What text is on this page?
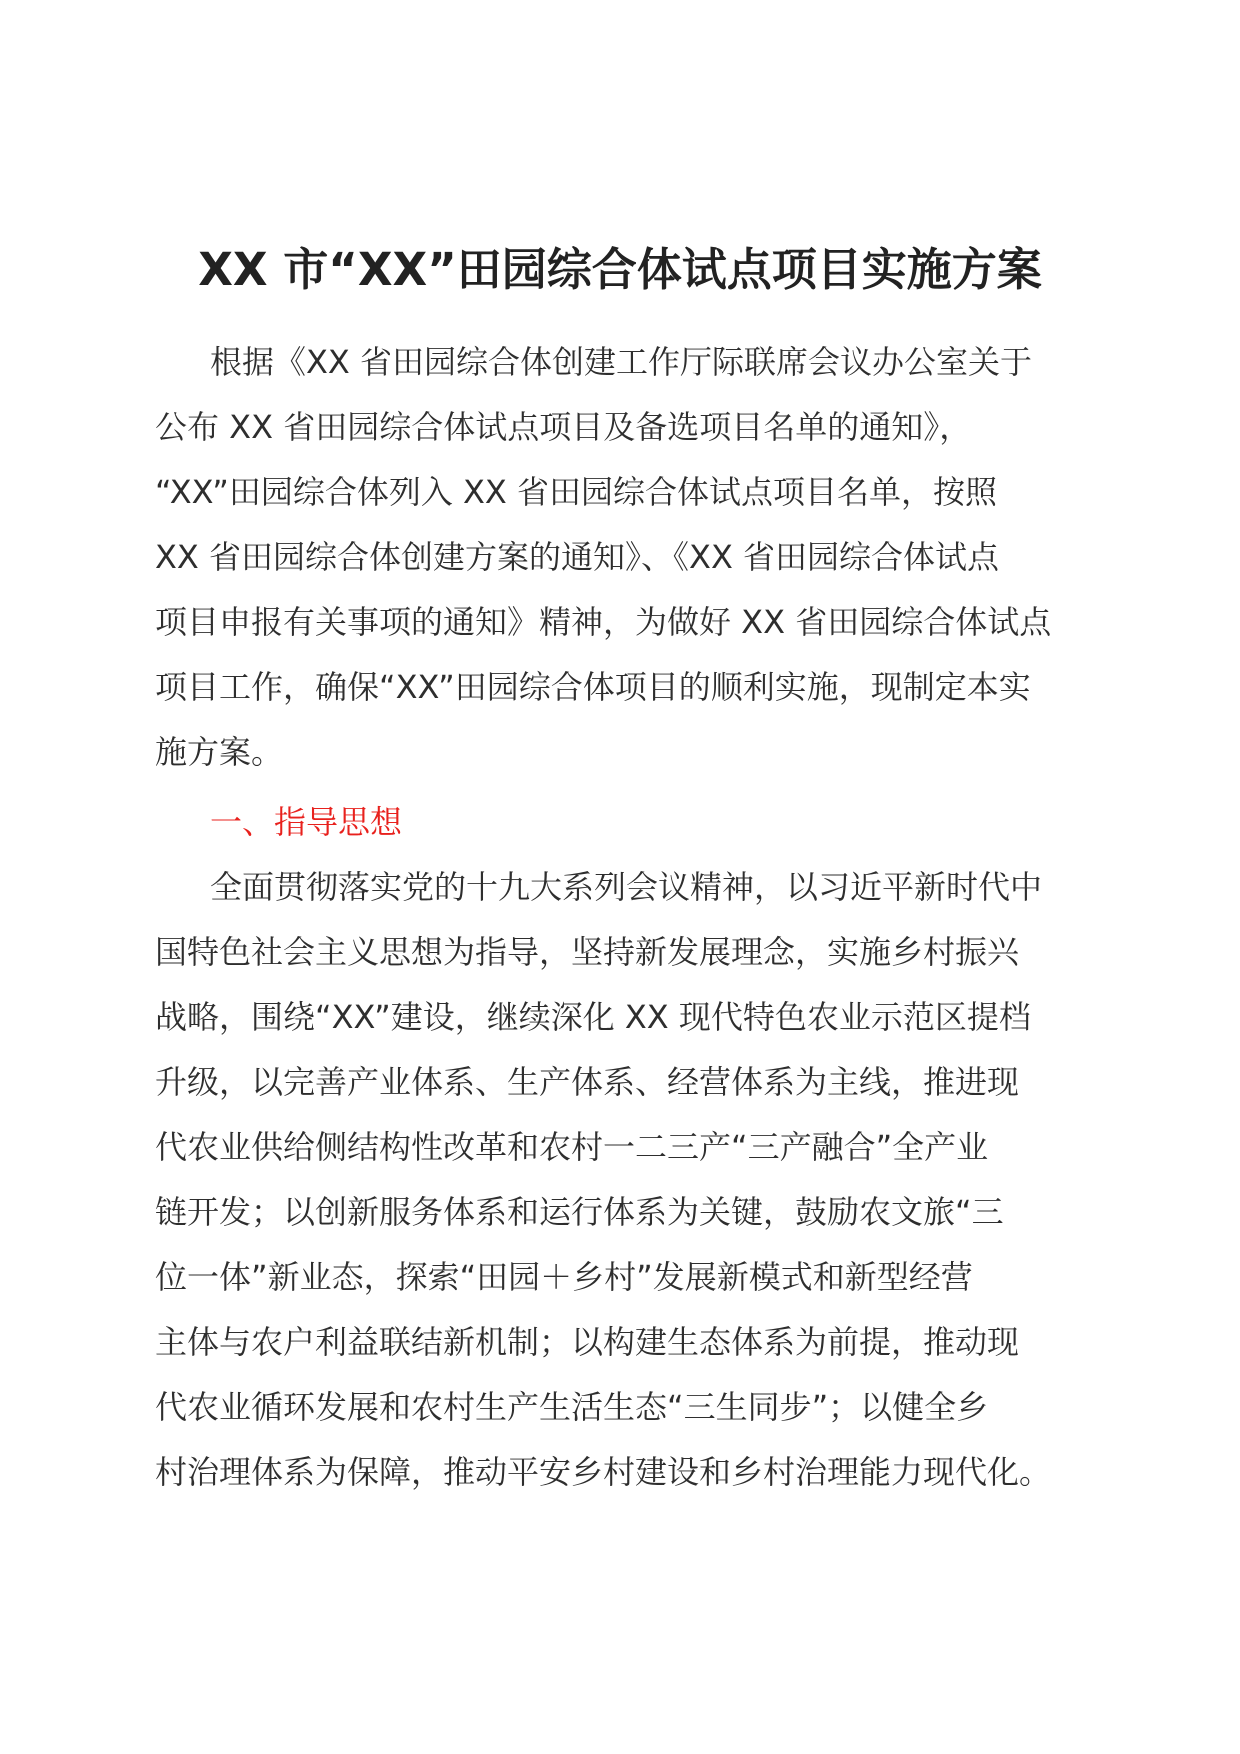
XX 市“XX”田园综合体试点项目实施方案
根据《XX 省田园综合体创建工作厅际联席会议办公室关于
公布 XX 省田园综合体试点项目及备选项目名单的通知》，
“XX”田园综合体列入 XX 省田园综合体试点项目名单，按照
XX 省田园综合体创建方案的通知》、《XX 省田园综合体试点
项目申报有关事项的通知》精神，为做好 XX 省田园综合体试点
项目工作，确保“XX”田园综合体项目的顺利实施，现制定本实
施方案。
一、指导思想
全面贯彻落实党的十九大系列会议精神，以习近平新时代中
国特色社会主义思想为指导，坚持新发展理念，实施乡村振兴
战略，围绕“XX”建设，继续深化 XX 现代特色农业示范区提档
升级，以完善产业体系、生产体系、经营体系为主线，推进现
代农业供给侧结构性改革和农村一二三产“三产融合”全产业
链开发；以创新服务体系和运行体系为关键，鼓励农文旅“三
位一体”新业态，探索“田园＋乡村”发展新模式和新型经营
主体与农户利益联结新机制；以构建生态体系为前提，推动现
代农业循环发展和农村生产生活生态“三生同步”；以健全乡
村治理体系为保障，推动平安乡村建设和乡村治理能力现代化。
